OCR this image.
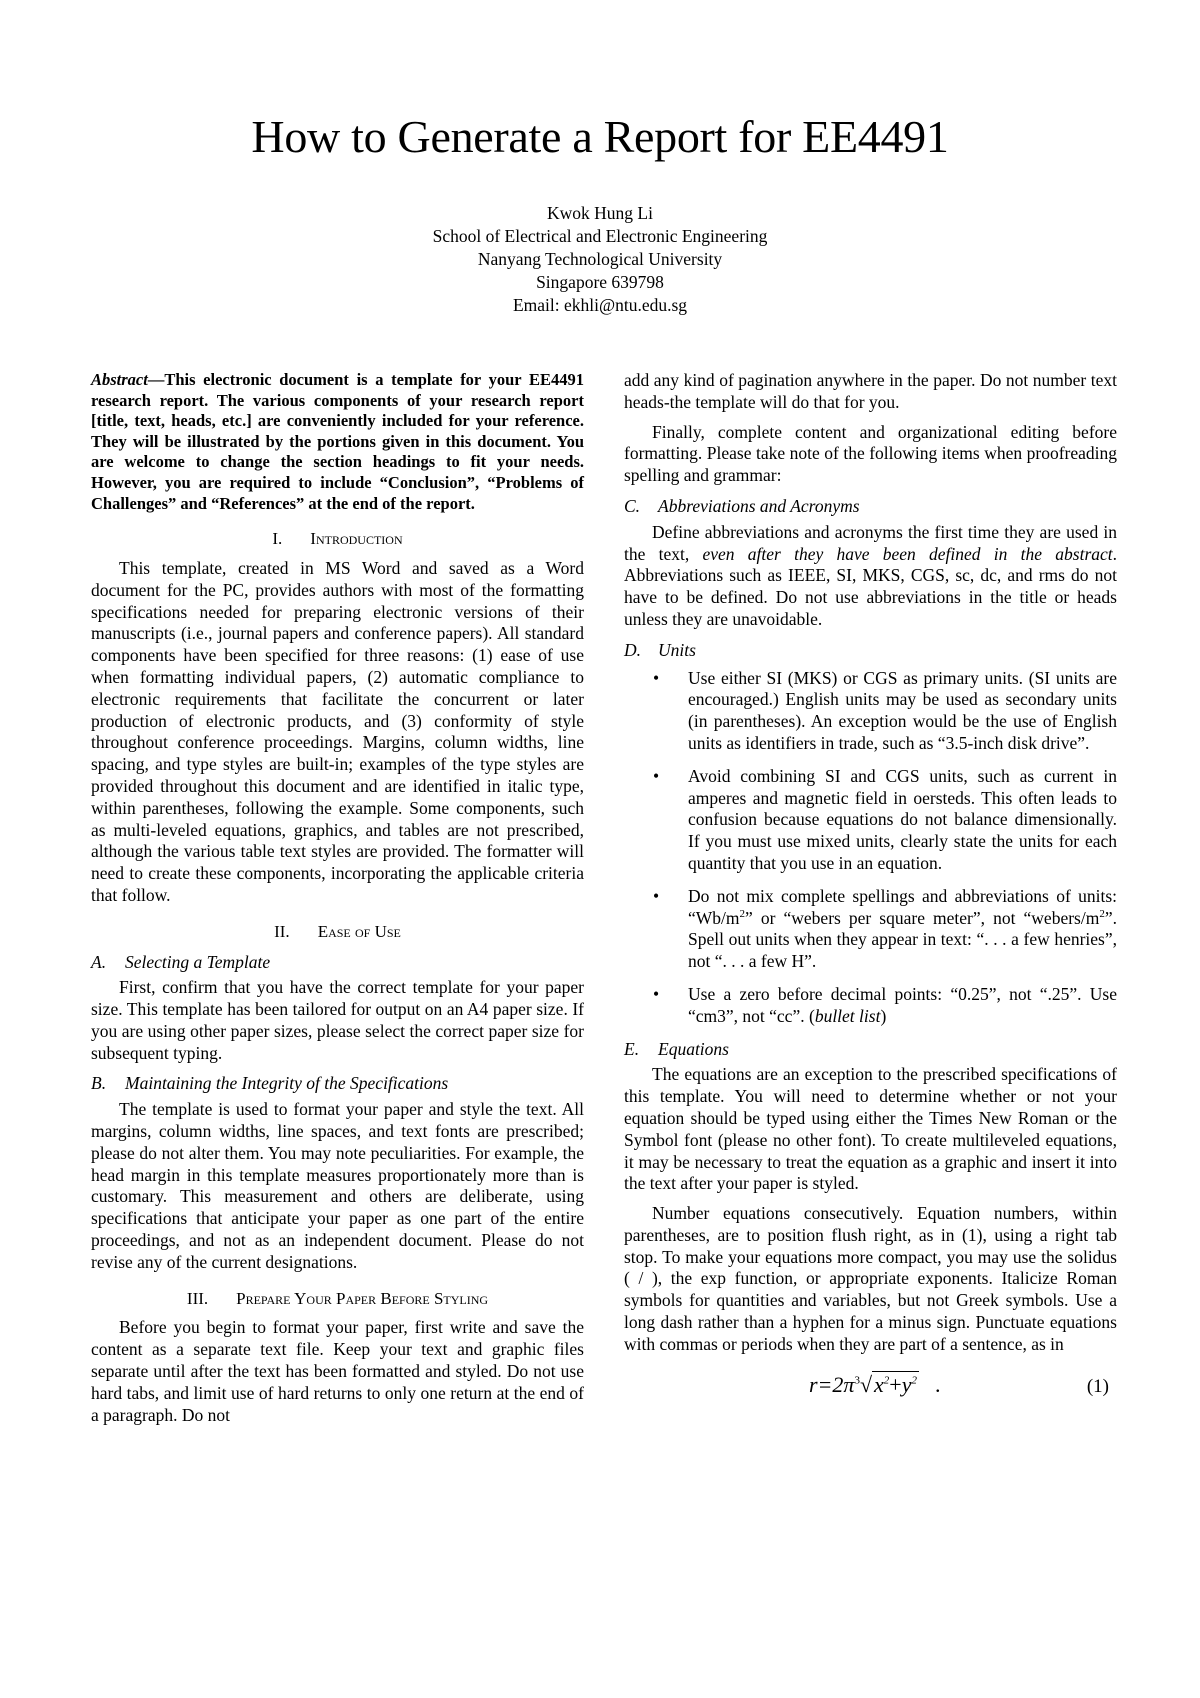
How to Generate a Report for EE4491
Kwok Hung Li
School of Electrical and Electronic Engineering
Nanyang Technological University
Singapore 639798
Email: ekhli@ntu.edu.sg

Abstract—This electronic document is a template for your EE4491 research report. The various components of your research report [title, text, heads, etc.] are conveniently included for your reference. They will be illustrated by the portions given in this document. You are welcome to change the section headings to fit your needs. However, you are required to include “Conclusion”, “Problems of Challenges” and “References” at the end of the report.

I. Introduction

This template, created in MS Word and saved as a Word document for the PC, provides authors with most of the formatting specifications needed for preparing electronic versions of their manuscripts (i.e., journal papers and conference papers). All standard components have been specified for three reasons: (1) ease of use when formatting individual papers, (2) automatic compliance to electronic requirements that facilitate the concurrent or later production of electronic products, and (3) conformity of style throughout conference proceedings. Margins, column widths, line spacing, and type styles are built-in; examples of the type styles are provided throughout this document and are identified in italic type, within parentheses, following the example. Some components, such as multi-leveled equations, graphics, and tables are not prescribed, although the various table text styles are provided. The formatter will need to create these components, incorporating the applicable criteria that follow.

II. Ease of Use
A. Selecting a Template

First, confirm that you have the correct template for your paper size. This template has been tailored for output on an A4 paper size. If you are using other paper sizes, please select the correct paper size for subsequent typing.

B. Maintaining the Integrity of the Specifications

The template is used to format your paper and style the text. All margins, column widths, line spaces, and text fonts are prescribed; please do not alter them. You may note peculiarities. For example, the head margin in this template measures proportionately more than is customary. This measurement and others are deliberate, using specifications that anticipate your paper as one part of the entire proceedings, and not as an independent document. Please do not revise any of the current designations.

III. Prepare Your Paper Before Styling

Before you begin to format your paper, first write and save the content as a separate text file. Keep your text and graphic files separate until after the text has been formatted and styled. Do not use hard tabs, and limit use of hard returns to only one return at the end of a paragraph. Do not

add any kind of pagination anywhere in the paper. Do not number text heads-the template will do that for you.

Finally, complete content and organizational editing before formatting. Please take note of the following items when proofreading spelling and grammar:

C. Abbreviations and Acronyms

Define abbreviations and acronyms the first time they are used in the text, even after they have been defined in the abstract. Abbreviations such as IEEE, SI, MKS, CGS, sc, dc, and rms do not have to be defined. Do not use abbreviations in the title or heads unless they are unavoidable.

D. Units
• Use either SI (MKS) or CGS as primary units. (SI units are encouraged.) English units may be used as secondary units (in parentheses). An exception would be the use of English units as identifiers in trade, such as “3.5-inch disk drive”.
• Avoid combining SI and CGS units, such as current in amperes and magnetic field in oersteds. This often leads to confusion because equations do not balance dimensionally. If you must use mixed units, clearly state the units for each quantity that you use in an equation.
• Do not mix complete spellings and abbreviations of units: “$Wb/m^2$” or “webers per square meter”, not “$webers/m^2$”. Spell out units when they appear in text: “. . . a few henries”, not “. . . a few H”.
• Use a zero before decimal points: “0.25”, not “.25”. Use “cm3”, not “cc”. (bullet list)
E. Equations

The equations are an exception to the prescribed specifications of this template. You will need to determine whether or not your equation should be typed using either the Times New Roman or the Symbol font (please no other font). To create multileveled equations, it may be necessary to treat the equation as a graphic and insert it into the text after your paper is styled.

Number equations consecutively. Equation numbers, within parentheses, are to position flush right, as in (1), using a right tab stop. To make your equations more compact, you may use the solidus ( / ), the exp function, or appropriate exponents. Italicize Roman symbols for quantities and variables, but not Greek symbols. Use a long dash rather than a hyphen for a minus sign. Punctuate equations with commas or periods when they are part of a sentence, as in

$r=2\pi^3√x^2+y^2$ .	(1)
